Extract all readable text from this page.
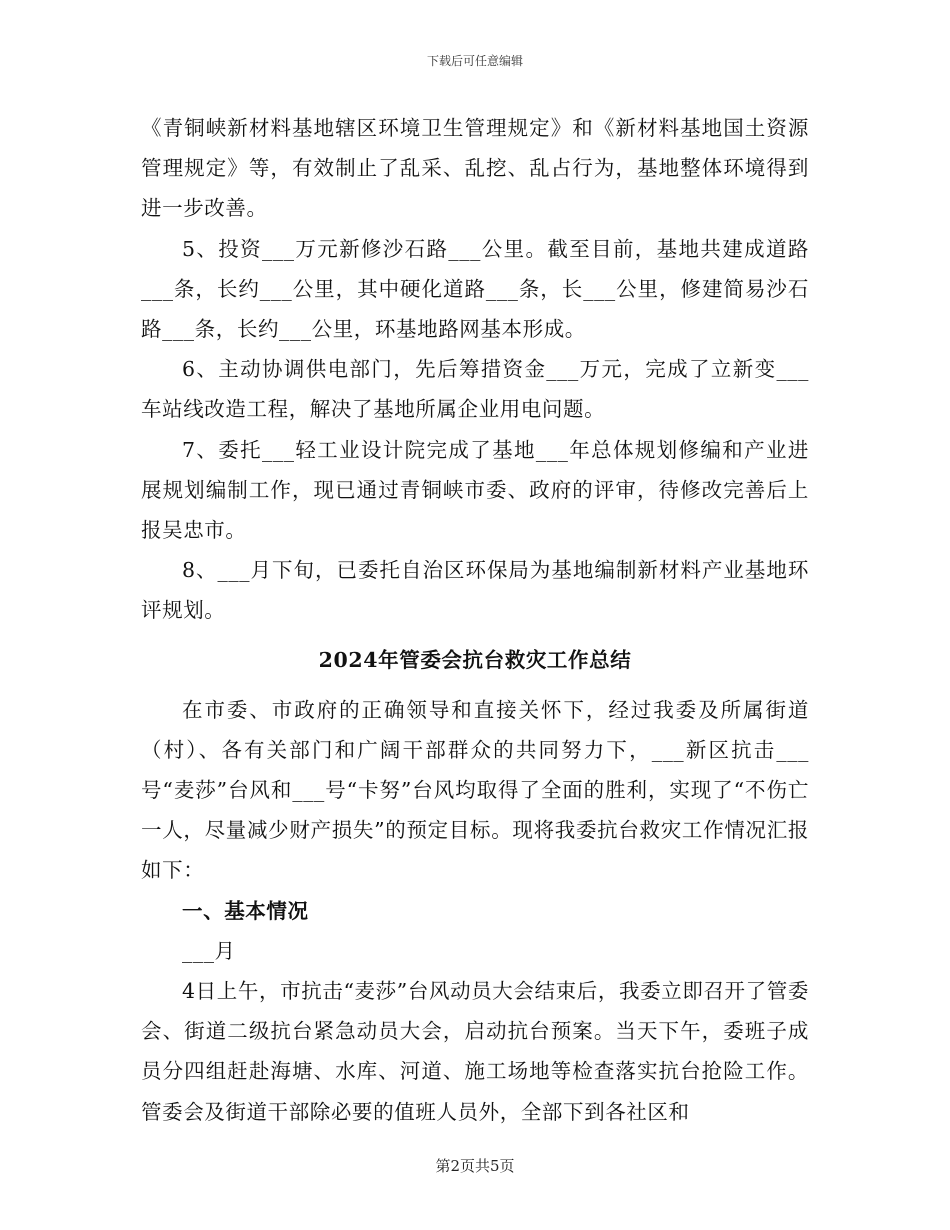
下载后可任意编辑

《青铜峡新材料基地辖区环境卫生管理规定》和《新材料基地国土资源管理规定》等，有效制止了乱采、乱挖、乱占行为，基地整体环境得到进一步改善。

5、投资___万元新修沙石路___公里。截至目前，基地共建成道路___条，长约___公里，其中硬化道路___条，长___公里，修建简易沙石路___条，长约___公里，环基地路网基本形成。

6、主动协调供电部门，先后筹措资金___万元，完成了立新变___车站线改造工程，解决了基地所属企业用电问题。

7、委托___轻工业设计院完成了基地___年总体规划修编和产业进展规划编制工作，现已通过青铜峡市委、政府的评审，待修改完善后上报吴忠市。

8、___月下旬，已委托自治区环保局为基地编制新材料产业基地环评规划。

2024年管委会抗台救灾工作总结

在市委、市政府的正确领导和直接关怀下，经过我委及所属街道（村）、各有关部门和广阔干部群众的共同努力下，___新区抗击___号“麦莎”台风和___号“卡努”台风均取得了全面的胜利，实现了“不伤亡一人，尽量减少财产损失”的预定目标。现将我委抗台救灾工作情况汇报如下：

一、基本情况

___月

4日上午，市抗击“麦莎”台风动员大会结束后，我委立即召开了管委会、街道二级抗台紧急动员大会，启动抗台预案。当天下午，委班子成员分四组赶赴海塘、水库、河道、施工场地等检查落实抗台抢险工作。管委会及街道干部除必要的值班人员外，全部下到各社区和

第2页共5页
